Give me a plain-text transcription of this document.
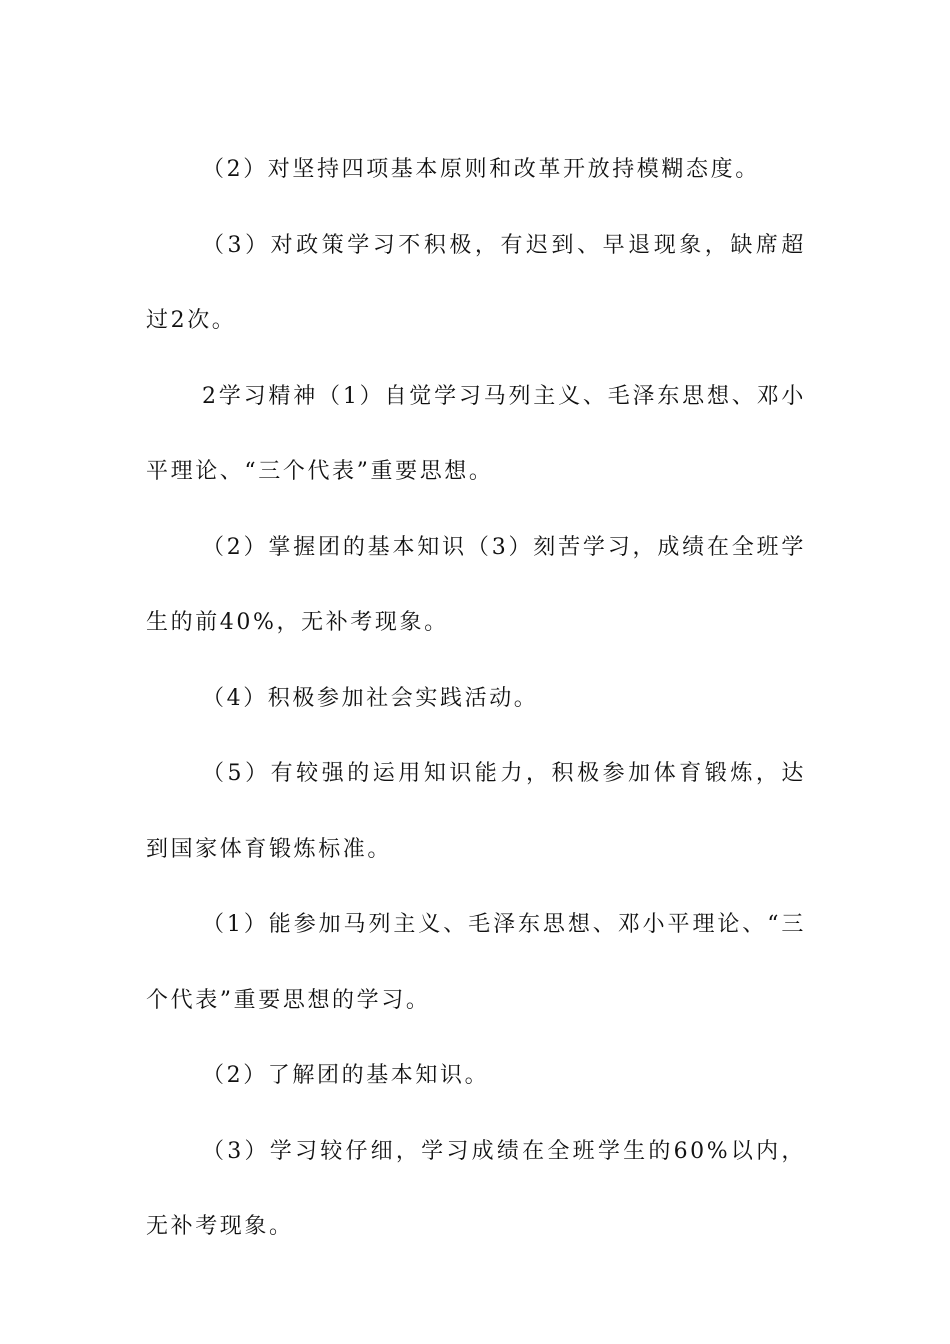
（2）对坚持四项基本原则和改革开放持模糊态度。

（3）对政策学习不积极，有迟到、早退现象，缺席超过2次。

2学习精神（1）自觉学习马列主义、毛泽东思想、邓小平理论、“三个代表”重要思想。

（2）掌握团的基本知识（3）刻苦学习，成绩在全班学生的前40%，无补考现象。

（4）积极参加社会实践活动。

（5）有较强的运用知识能力，积极参加体育锻炼，达到国家体育锻炼标准。

（1）能参加马列主义、毛泽东思想、邓小平理论、“三个代表”重要思想的学习。

（2）了解团的基本知识。

（3）学习较仔细，学习成绩在全班学生的60%以内，无补考现象。
